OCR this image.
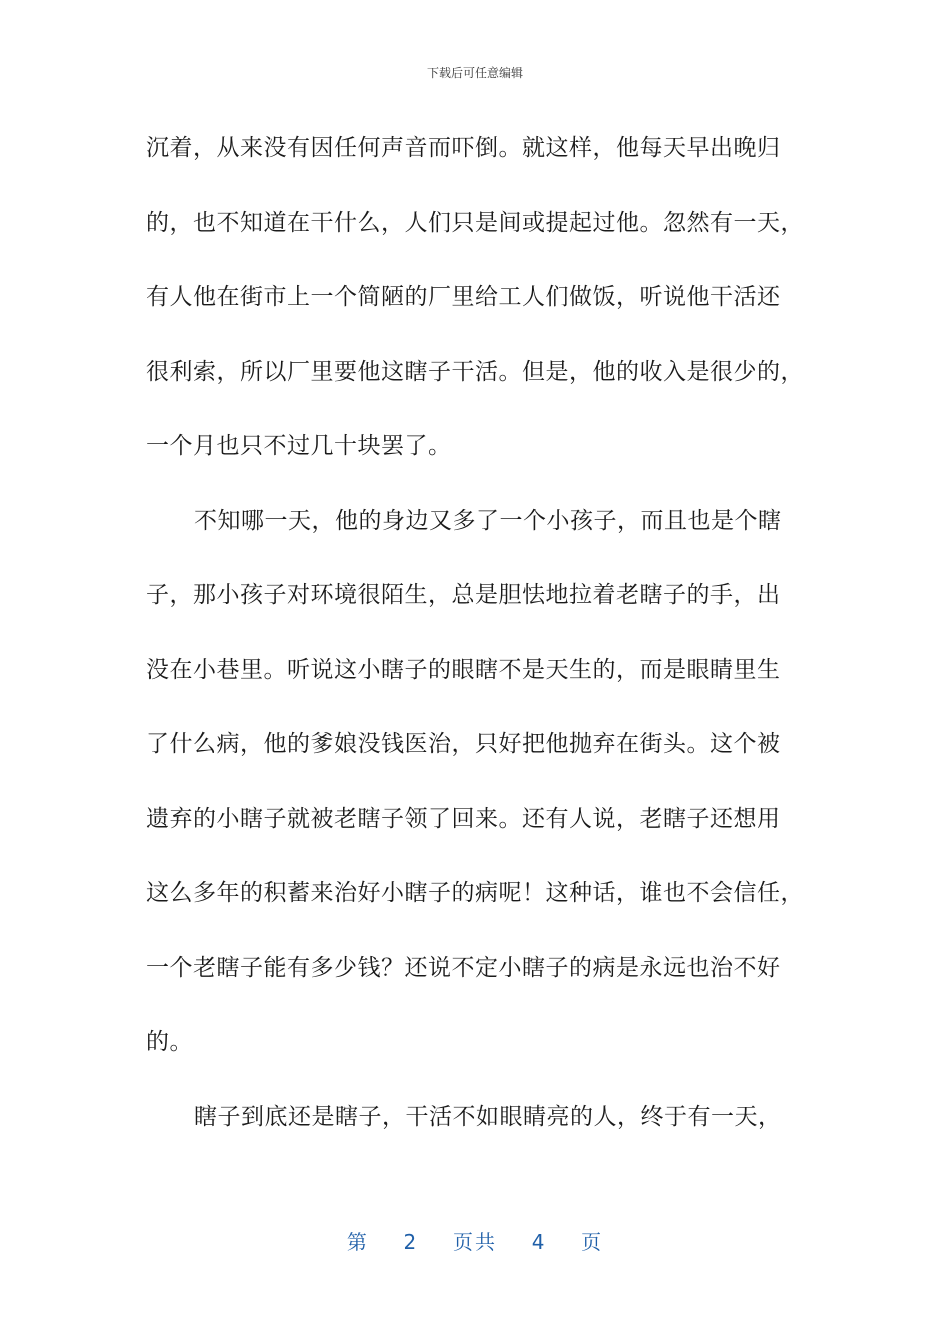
下载后可任意编辑
沉着，从来没有因任何声音而吓倒。就这样，他每天早出晚归
的，也不知道在干什么，人们只是间或提起过他。忽然有一天，
有人他在街市上一个简陋的厂里给工人们做饭，听说他干活还
很利索，所以厂里要他这瞎子干活。但是，他的收入是很少的，
一个月也只不过几十块罢了。
不知哪一天，他的身边又多了一个小孩子，而且也是个瞎
子，那小孩子对环境很陌生，总是胆怯地拉着老瞎子的手，出
没在小巷里。听说这小瞎子的眼瞎不是天生的，而是眼睛里生
了什么病，他的爹娘没钱医治，只好把他抛弃在街头。这个被
遗弃的小瞎子就被老瞎子领了回来。还有人说，老瞎子还想用
这么多年的积蓄来治好小瞎子的病呢！这种话，谁也不会信任，
一个老瞎子能有多少钱？还说不定小瞎子的病是永远也治不好
的。
瞎子到底还是瞎子，干活不如眼睛亮的人，终于有一天，
第 2 页共 4 页
